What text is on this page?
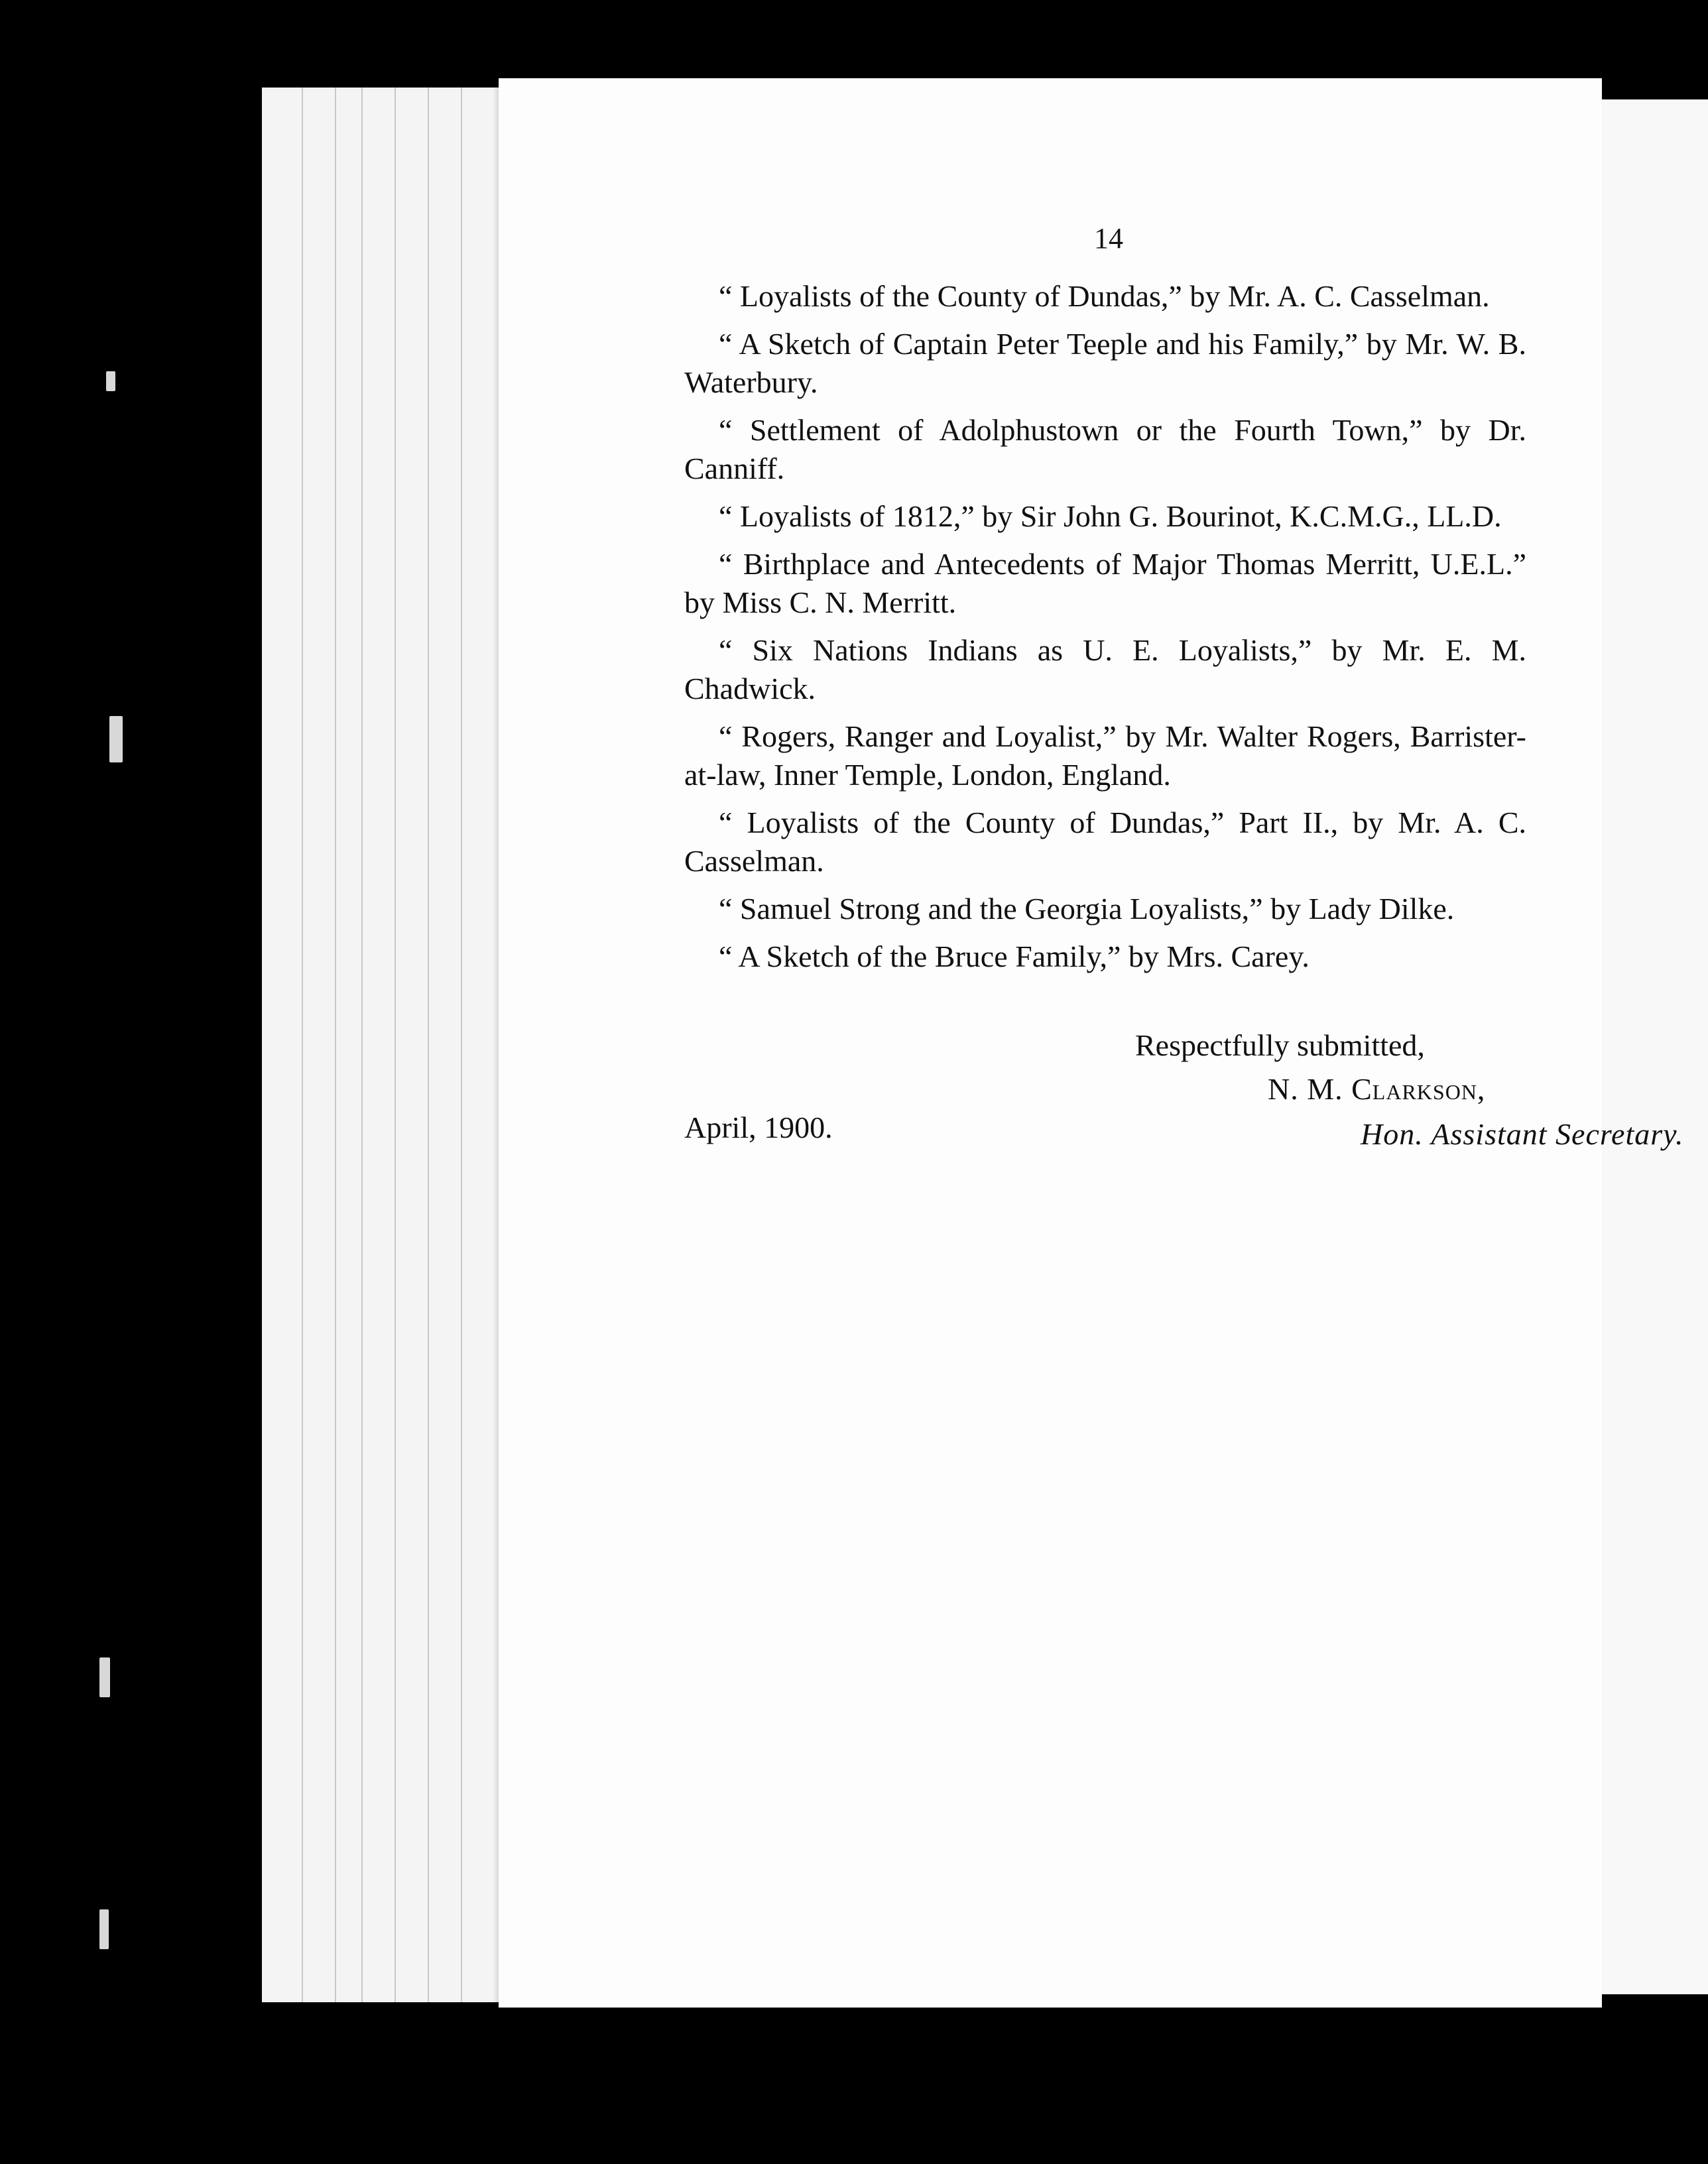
14

“ Loyalists of the County of Dundas,” by Mr. A. C. Casselman.

“ A Sketch of Captain Peter Teeple and his Family,” by Mr. W. B. Waterbury.

“ Settlement of Adolphustown or the Fourth Town,” by Dr. Canniff.

“ Loyalists of 1812,” by Sir John G. Bourinot, K.C.M.G., LL.D.

“ Birthplace and Antecedents of Major Thomas Merritt, U.E.L.” by Miss C. N. Merritt.

“ Six Nations Indians as U. E. Loyalists,” by Mr. E. M. Chadwick.

“ Rogers, Ranger and Loyalist,” by Mr. Walter Rogers, Barrister-at-law, Inner Temple, London, England.

“ Loyalists of the County of Dundas,” Part II., by Mr. A. C. Casselman.

“ Samuel Strong and the Georgia Loyalists,” by Lady Dilke.

“ A Sketch of the Bruce Family,” by Mrs. Carey.

Respectfully submitted,
N. M. Clarkson,
April, 1900.	Hon. Assistant Secretary.
